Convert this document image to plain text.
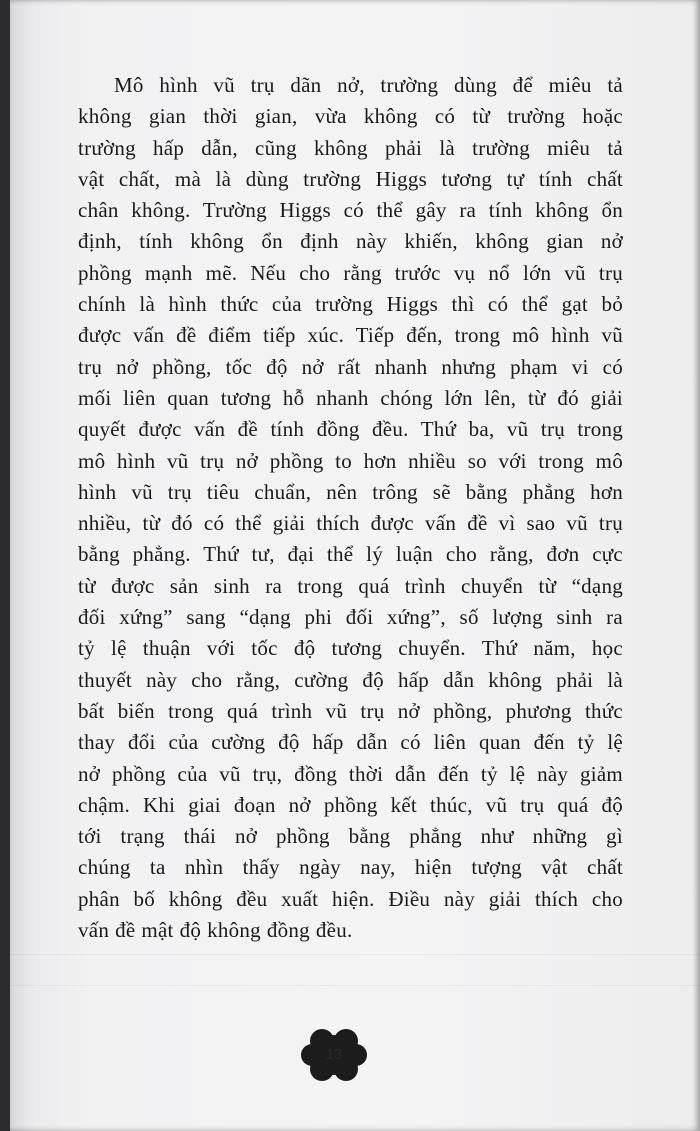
Mô hình vũ trụ dãn nở, trường dùng để miêu tả
không gian thời gian, vừa không có từ trường hoặc
trường hấp dẫn, cũng không phải là trường miêu tả
vật chất, mà là dùng trường Higgs tương tự tính chất
chân không. Trường Higgs có thể gây ra tính không ổn
định, tính không ổn định này khiến, không gian nở
phồng mạnh mẽ. Nếu cho rằng trước vụ nổ lớn vũ trụ
chính là hình thức của trường Higgs thì có thể gạt bỏ
được vấn đề điểm tiếp xúc. Tiếp đến, trong mô hình vũ
trụ nở phồng, tốc độ nở rất nhanh nhưng phạm vi có
mối liên quan tương hỗ nhanh chóng lớn lên, từ đó giải
quyết được vấn đề tính đồng đều. Thứ ba, vũ trụ trong
mô hình vũ trụ nở phồng to hơn nhiều so với trong mô
hình vũ trụ tiêu chuẩn, nên trông sẽ bằng phẳng hơn
nhiều, từ đó có thể giải thích được vấn đề vì sao vũ trụ
bằng phẳng. Thứ tư, đại thể lý luận cho rằng, đơn cực
từ được sản sinh ra trong quá trình chuyển từ “dạng
đối xứng” sang “dạng phi đối xứng”, số lượng sinh ra
tỷ lệ thuận với tốc độ tương chuyển. Thứ năm, học
thuyết này cho rằng, cường độ hấp dẫn không phải là
bất biến trong quá trình vũ trụ nở phồng, phương thức
thay đổi của cường độ hấp dẫn có liên quan đến tỷ lệ
nở phồng của vũ trụ, đồng thời dẫn đến tỷ lệ này giảm
chậm. Khi giai đoạn nở phồng kết thúc, vũ trụ quá độ
tới trạng thái nở phồng bằng phẳng như những gì
chúng ta nhìn thấy ngày nay, hiện tượng vật chất
phân bố không đều xuất hiện. Điều này giải thích cho
vấn đề mật độ không đồng đều.

13
